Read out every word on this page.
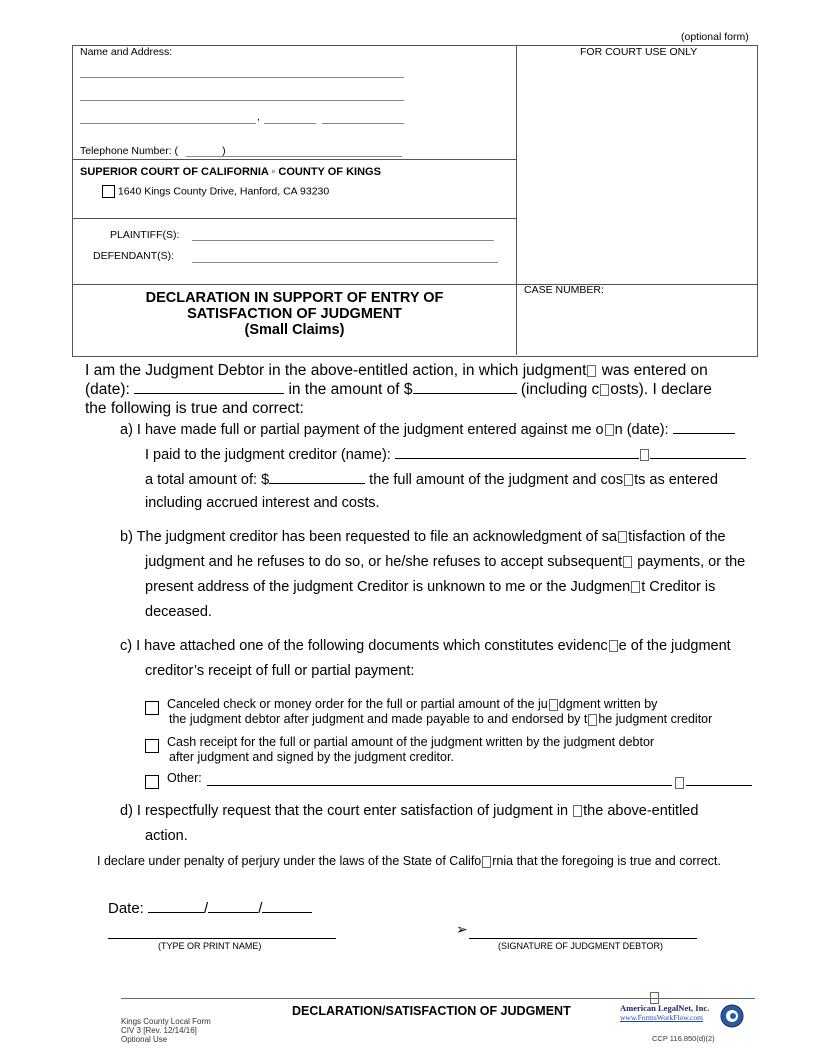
(optional form)
Name and Address:	FOR COURT USE ONLY
,
Telephone Number: (	)
SUPERIOR COURT OF CALIFORNIA ◦ COUNTY OF KINGS
1640 Kings County Drive, Hanford, CA 93230
PLAINTIFF(S):
DEFENDANT(S):
DECLARATION IN SUPPORT OF ENTRY OF
SATISFACTION OF JUDGMENT
(Small Claims)
CASE NUMBER:
I am the Judgment Debtor in the above-entitled action, in which judgment was entered on
(date):	in the amount of $	(including c osts). I declare
the following is true and correct:
a) I have made full or partial payment of the judgment entered against me o n (date):
I paid to the judgment creditor (name):
a total amount of: $	the full amount of the judgment and cos ts as entered
including accrued interest and costs.
b) The judgment creditor has been requested to file an acknowledgment of sa tisfaction of the
judgment and he refuses to do so, or he/she refuses to accept subsequent payments, or the
present address of the judgment Creditor is unknown to me or the Judgmen t Creditor is
deceased.
c) I have attached one of the following documents which constitutes evidenc e of the judgment
creditor’s receipt of full or partial payment:
Canceled check or money order for the full or partial amount of the ju dgment written by
the judgment debtor after judgment and made payable to and endorsed by t he judgment creditor
Cash receipt for the full or partial amount of the judgment written by the judgment debtor
after judgment and signed by the judgment creditor.
Other:
d) I respectfully request that the court enter satisfaction of judgment in the above-entitled
action.
I declare under penalty of perjury under the laws of the State of Califo rnia that the foregoing is true and correct.
Date:	/	/
(TYPE OR PRINT NAME)
➢
(SIGNATURE OF JUDGMENT DEBTOR)
Kings County Local Form
CIV 3 [Rev. 12/14/16]
Optional Use
DECLARATION/SATISFACTION OF JUDGMENT	American LegalNet, Inc.
www.FormsWorkFlow.com
CCP 116.850(d)(2)
